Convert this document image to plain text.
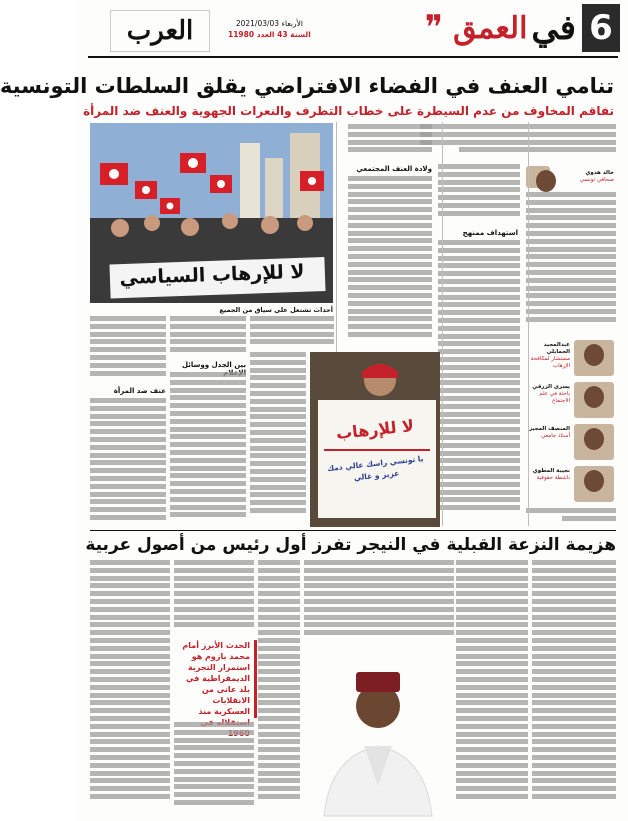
6
في
العمق
❞
الأربعاء 2021/03/03
السنة 43 العدد 11980
العرب
تنامي العنف في الفضاء الافتراضي يقلق السلطات التونسية
تفاقم المخاوف من عدم السيطرة على خطاب التطرف والنعرات الجهوية والعنف ضد المرأة
لا للإرهاب السياسي
أحداث تشتعل على سياق من الجميع
خالد هدوي
صحافي تونسي
استهداف ممنهج
ولادة العنف المجتمعي
عبدالمجيد الجمايلي
مستشار لمكافحة الإرهاب
يسرى الزرقي
باحثة في علم الاجتماع
المنصف المجيز
أستاذ جامعي
نجيبة المطوي
ناشطة حقوقية
عنف ضد المرأة
بين الجدل ووسائل
لا للإرهاب
يا تونسي راسك عالي دمك عزيز و غالي
هزيمة النزعة القبلية في النيجر تفرز أول رئيس من أصول عربية
الحدث الأبرز أمام محمد بازوم هو استمرار التجربة الديمقراطية في بلد عانى من الانقلابات العسكرية منذ
